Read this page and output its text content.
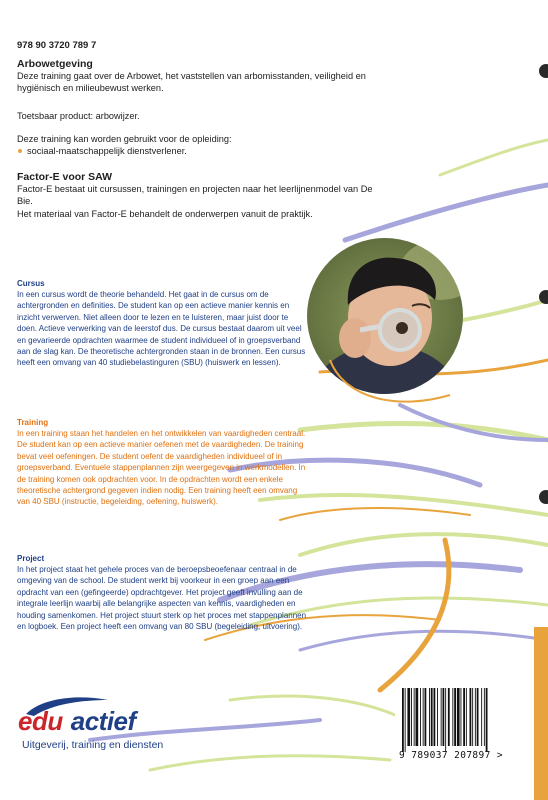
978 90 3720 789 7

Arbowetgeving

Deze training gaat over de Arbowet, het vaststellen van arbomisstanden, veiligheid en hygiënisch en milieubewust werken.

Toetsbaar product: arbowijzer.

Deze training kan worden gebruikt voor de opleiding:

sociaal-maatschappelijk dienstverlener.

Factor-E voor SAW

Factor-E bestaat uit cursussen, trainingen en projecten naar het leerlijnenmodel van De Bie.

Het materiaal van Factor-E behandelt de onderwerpen vanuit de praktijk.

Cursus

In een cursus wordt de theorie behandeld. Het gaat in de cursus om de achtergronden en definities. De student kan op een actieve manier kennis en inzicht verwerven. Niet alleen door te lezen en te luisteren, maar juist door te doen. Actieve verwerking van de leerstof dus. De cursus bestaat daarom uit veel en gevarieerde opdrachten waarmee de student individueel of in groepsverband aan de slag kan. De theoretische achtergronden staan in de bronnen. Een cursus heeft een omvang van 40 studiebelastinguren (SBU) (huiswerk en lessen).

Training

In een training staan het handelen en het ontwikkelen van vaardigheden centraal. De student kan op een actieve manier oefenen met de vaardigheden. De training bevat veel oefeningen. De student oefent de vaardigheden individueel of in groepsverband. Eventuele stappenplannen zijn weergegeven in werkmodellen. In de training komen ook opdrachten voor. In de opdrachten wordt een enkele theoretische achtergrond gegeven indien nodig. Een training heeft een omvang van 40 SBU (instructie, begeleiding, oefening, huiswerk).

Project

In het project staat het gehele proces van de beroepsbeoefenaar centraal in de omgeving van de school. De student werkt bij voorkeur in een groep aan een opdracht van een (gefingeerde) opdrachtgever. Het project geeft invulling aan de integrale leerlijn waarbij alle belangrijke aspecten van kennis, vaardigheden en houding samenkomen. Het project stuurt sterk op het proces met stappenplannen en logboek. Een project heeft een omvang van 80 SBU (begeleiding, uitvoering).

edu actief
Uitgeverij, training en diensten
9 789037 207897 >
